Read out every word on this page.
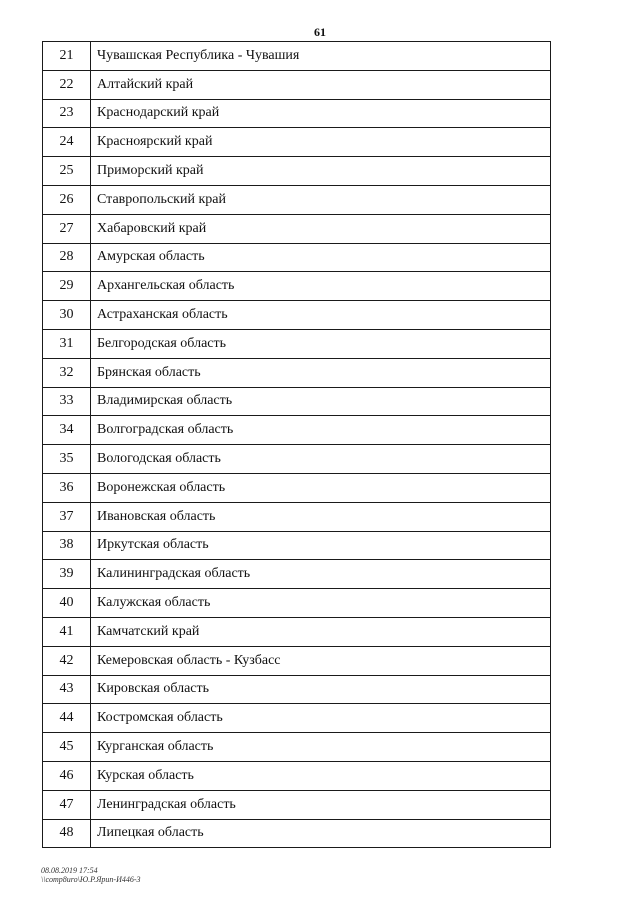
61
21	Чувашская Республика - Чувашия
22	Алтайский край
23	Краснодарский край
24	Красноярский край
25	Приморский край
26	Ставропольский край
27	Хабаровский край
28	Амурская область
29	Архангельская область
30	Астраханская область
31	Белгородская область
32	Брянская область
33	Владимирская область
34	Волгоградская область
35	Вологодская область
36	Воронежская область
37	Ивановская область
38	Иркутская область
39	Калининградская область
40	Калужская область
41	Камчатский край
42	Кемеровская область - Кузбасс
43	Кировская область
44	Костромская область
45	Курганская область
46	Курская область
47	Ленинградская область
48	Липецкая область
08.08.2019 17:54
\\comp8uro\Ю.Р.Ярип-И446-3
